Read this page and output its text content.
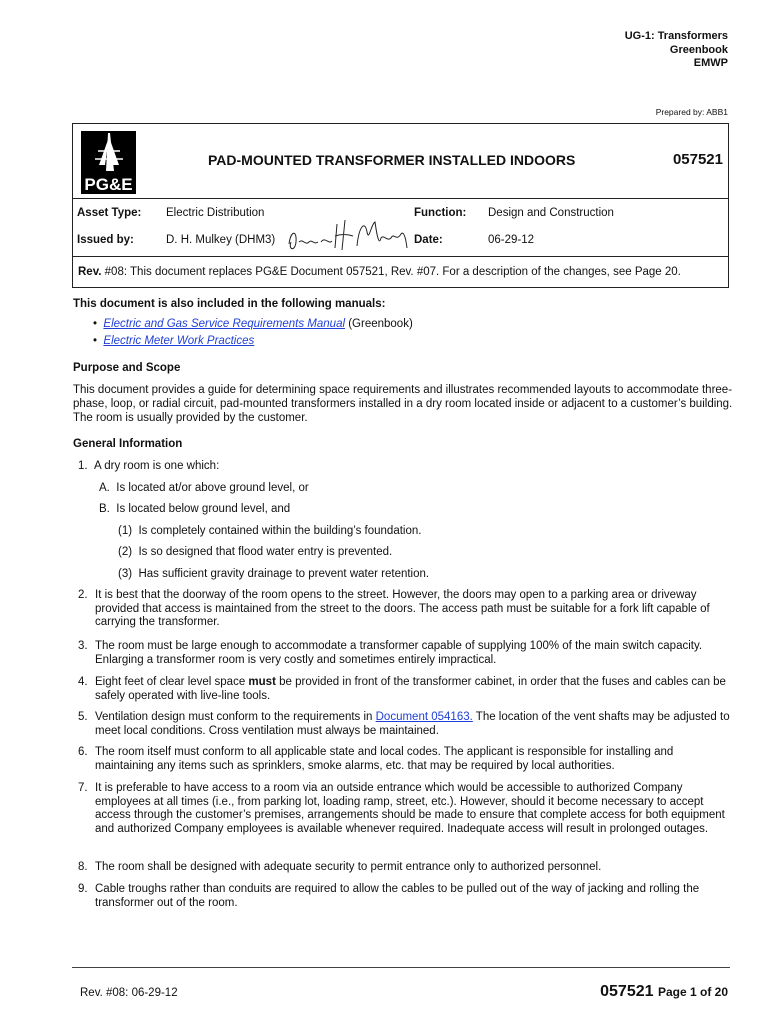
UG-1: Transformers
Greenbook
EMWP
Prepared by: ABB1
PG&E
PAD-MOUNTED TRANSFORMER INSTALLED INDOORS	057521
Asset Type: Electric Distribution	Function: Design and Construction
Issued by:	D. H. Mulkey (DHM3)	Date:	06-29-12
Rev. #08: This document replaces PG&E Document 057521, Rev. #07. For a description of the changes, see Page 20.
This document is also included in the following manuals:
• Electric and Gas Service Requirements Manual (Greenbook)
• Electric Meter Work Practices
Purpose and Scope
This document provides a guide for determining space requirements and illustrates recommended layouts to accommodate three-phase, loop, or radial circuit, pad-mounted transformers installed in a dry room located inside or adjacent to a customer’s building. The room is usually provided by the customer.
General Information
1.  A dry room is one which:
A.  Is located at/or above ground level, or
B.  Is located below ground level, and
(1)  Is completely contained within the building’s foundation.
(2)  Is so designed that flood water entry is prevented.
(3)  Has sufficient gravity drainage to prevent water retention.
2. It is best that the doorway of the room opens to the street. However, the doors may open to a parking area or driveway provided that access is maintained from the street to the doors. The access path must be suitable for a fork lift capable of carrying the transformer.
3. The room must be large enough to accommodate a transformer capable of supplying 100% of the main switch capacity. Enlarging a transformer room is very costly and sometimes entirely impractical.
4. Eight feet of clear level space must be provided in front of the transformer cabinet, in order that the fuses and cables can be safely operated with live-line tools.
5. Ventilation design must conform to the requirements in Document 054163. The location of the vent shafts may be adjusted to meet local conditions. Cross ventilation must always be maintained.
6. The room itself must conform to all applicable state and local codes. The applicant is responsible for installing and maintaining any items such as sprinklers, smoke alarms, etc. that may be required by local authorities.
7. It is preferable to have access to a room via an outside entrance which would be accessible to authorized Company employees at all times (i.e., from parking lot, loading ramp, street, etc.). However, should it become necessary to accept access through the customer’s premises, arrangements should be made to ensure that complete access for both equipment and authorized Company employees is available whenever required. Inadequate access will result in prolonged outages.
8. The room shall be designed with adequate security to permit entrance only to authorized personnel.
9. Cable troughs rather than conduits are required to allow the cables to be pulled out of the way of jacking and rolling the transformer out of the room.
Rev. #08: 06-29-12	057521 Page 1 of 20
